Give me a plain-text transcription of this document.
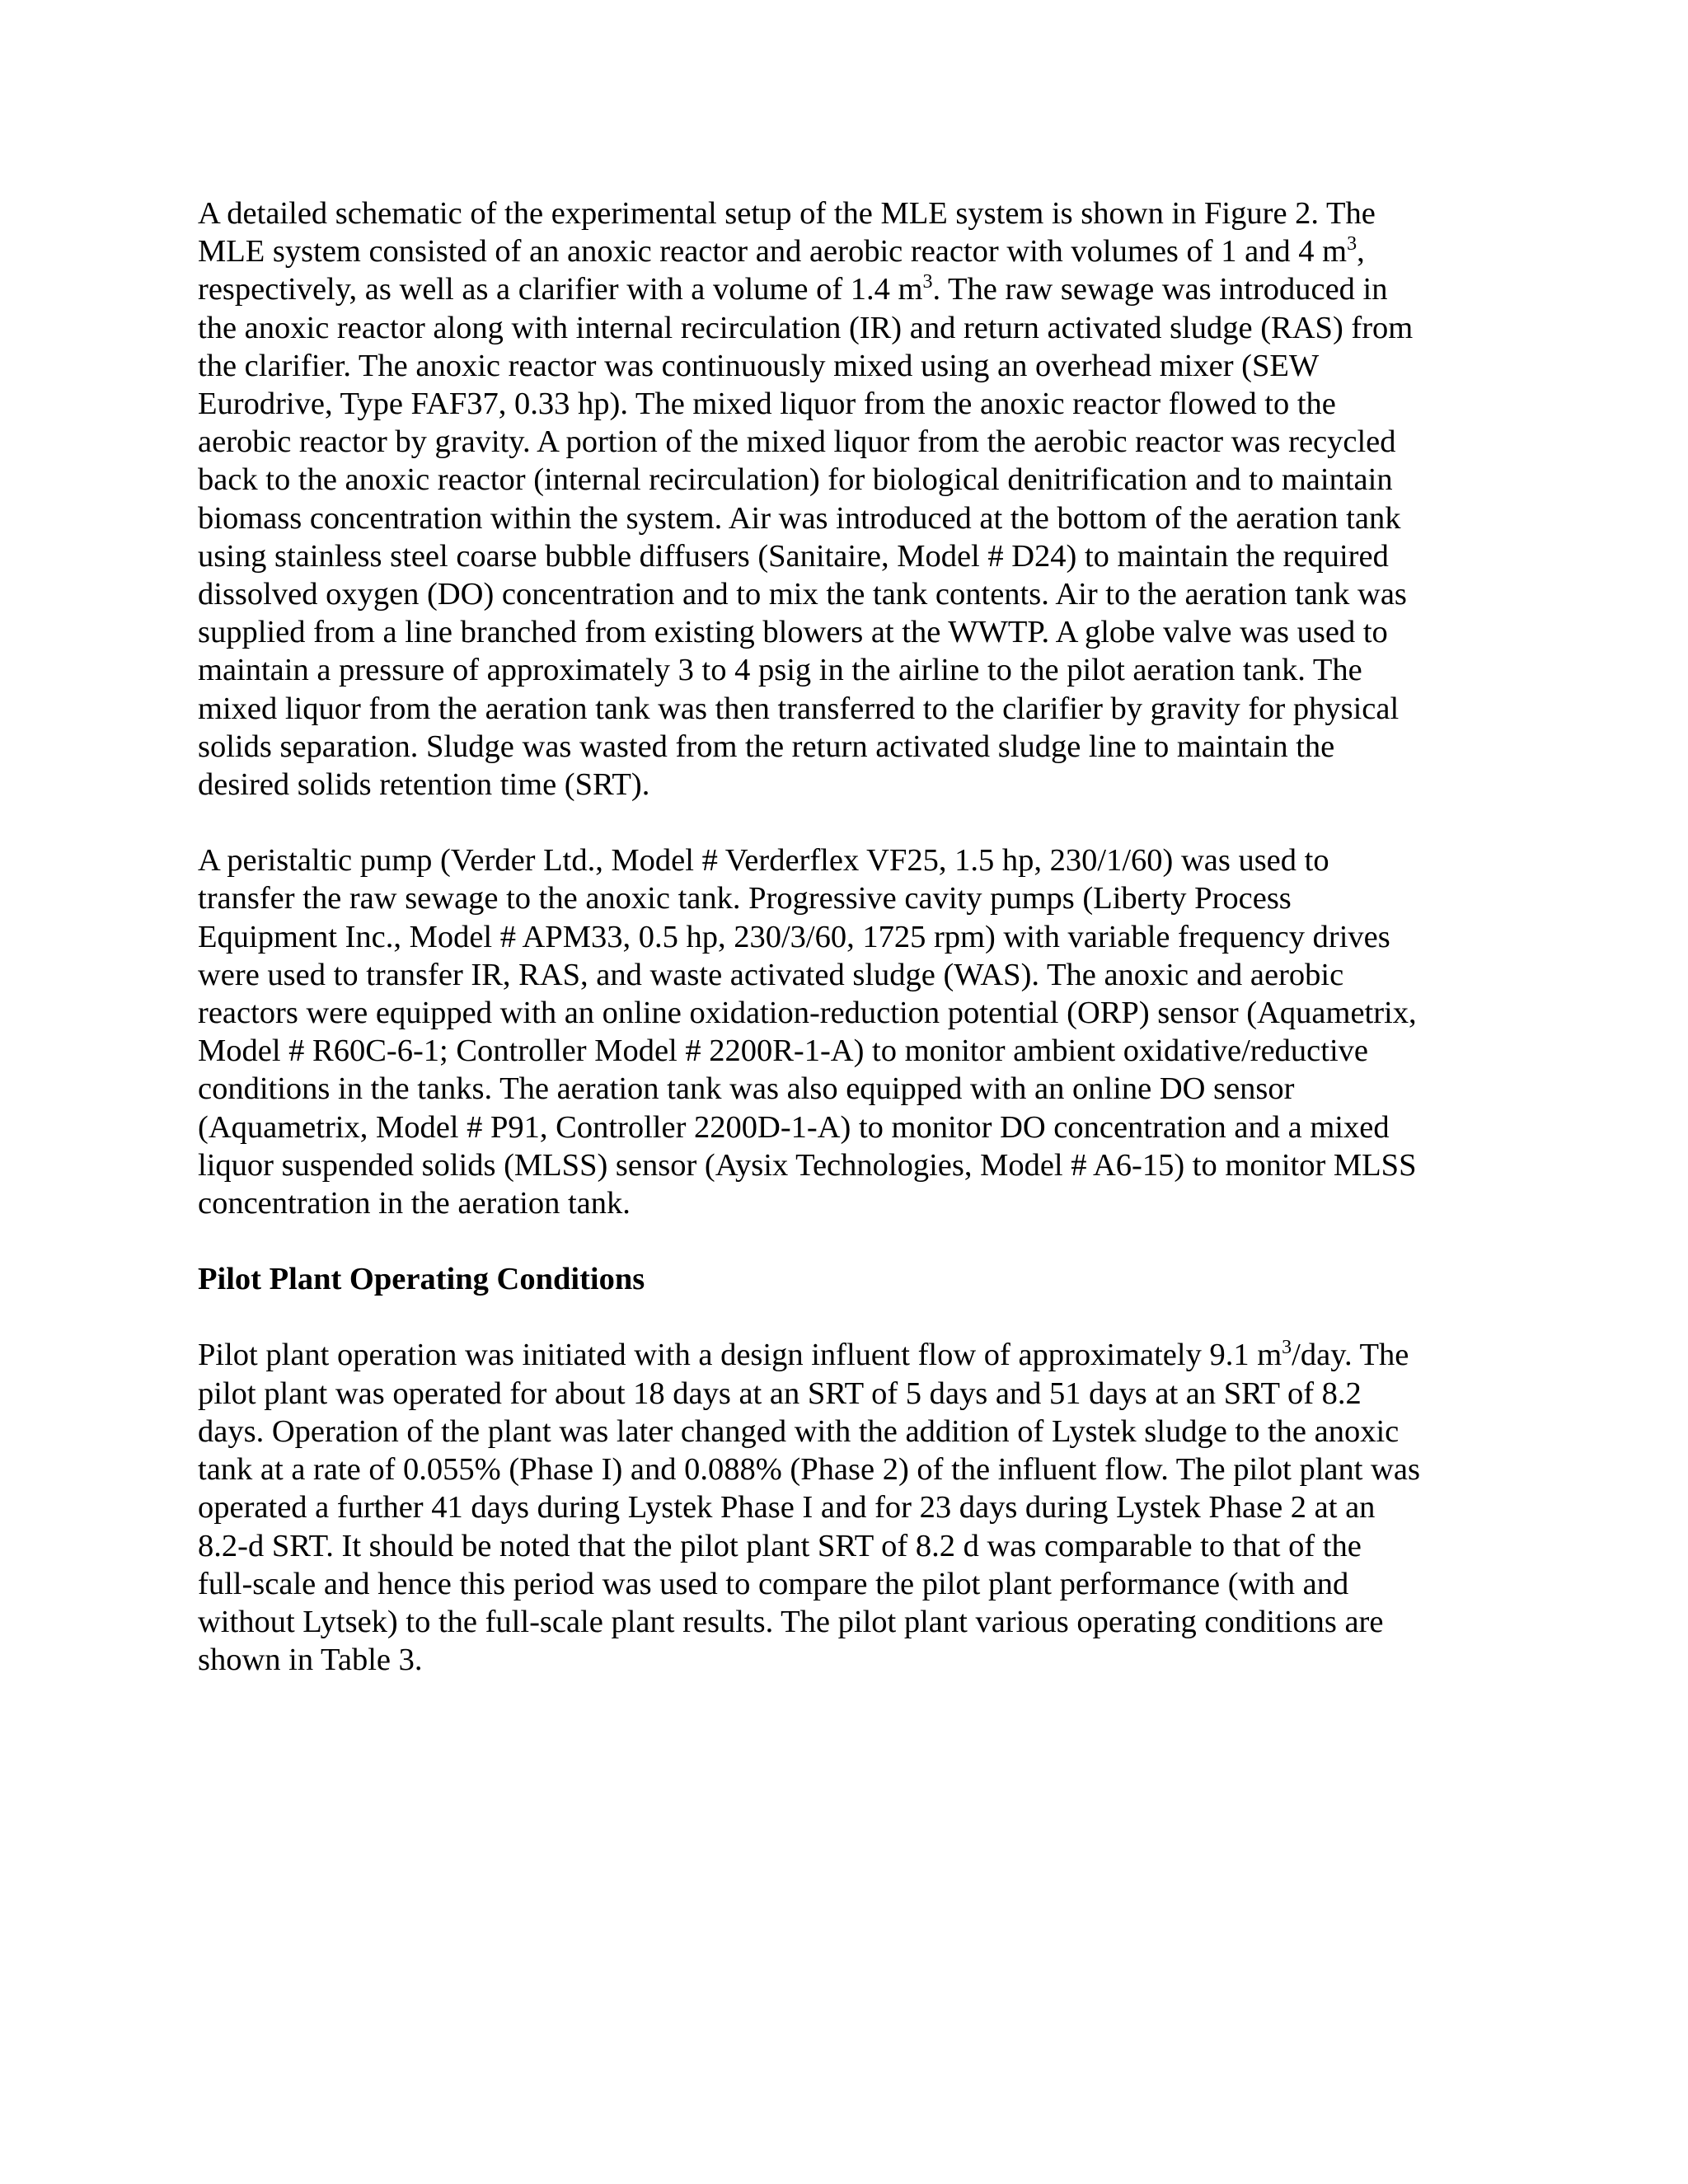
A detailed schematic of the experimental setup of the MLE system is shown in Figure 2. The
MLE system consisted of an anoxic reactor and aerobic reactor with volumes of 1 and 4 $m^3$,
respectively, as well as a clarifier with a volume of 1.4 $m^3$. The raw sewage was introduced in
the anoxic reactor along with internal recirculation (IR) and return activated sludge (RAS) from
the clarifier. The anoxic reactor was continuously mixed using an overhead mixer (SEW
Eurodrive, Type FAF37, 0.33 hp). The mixed liquor from the anoxic reactor flowed to the
aerobic reactor by gravity. A portion of the mixed liquor from the aerobic reactor was recycled
back to the anoxic reactor (internal recirculation) for biological denitrification and to maintain
biomass concentration within the system. Air was introduced at the bottom of the aeration tank
using stainless steel coarse bubble diffusers (Sanitaire, Model # D24) to maintain the required
dissolved oxygen (DO) concentration and to mix the tank contents. Air to the aeration tank was
supplied from a line branched from existing blowers at the WWTP. A globe valve was used to
maintain a pressure of approximately 3 to 4 psig in the airline to the pilot aeration tank. The
mixed liquor from the aeration tank was then transferred to the clarifier by gravity for physical
solids separation. Sludge was wasted from the return activated sludge line to maintain the
desired solids retention time (SRT).

A peristaltic pump (Verder Ltd., Model # Verderflex VF25, 1.5 hp, 230/1/60) was used to
transfer the raw sewage to the anoxic tank. Progressive cavity pumps (Liberty Process
Equipment Inc., Model # APM33, 0.5 hp, 230/3/60, 1725 rpm) with variable frequency drives
were used to transfer IR, RAS, and waste activated sludge (WAS). The anoxic and aerobic
reactors were equipped with an online oxidation-reduction potential (ORP) sensor (Aquametrix,
Model # R60C-6-1; Controller Model # 2200R-1-A) to monitor ambient oxidative/reductive
conditions in the tanks. The aeration tank was also equipped with an online DO sensor
(Aquametrix, Model # P91, Controller 2200D-1-A) to monitor DO concentration and a mixed
liquor suspended solids (MLSS) sensor (Aysix Technologies, Model # A6-15) to monitor MLSS
concentration in the aeration tank.

Pilot Plant Operating Conditions

Pilot plant operation was initiated with a design influent flow of approximately 9.1 $m^3$/day. The
pilot plant was operated for about 18 days at an SRT of 5 days and 51 days at an SRT of 8.2
days. Operation of the plant was later changed with the addition of Lystek sludge to the anoxic
tank at a rate of 0.055% (Phase I) and 0.088% (Phase 2) of the influent flow. The pilot plant was
operated a further 41 days during Lystek Phase I and for 23 days during Lystek Phase 2 at an
8.2-d SRT. It should be noted that the pilot plant SRT of 8.2 d was comparable to that of the
full-scale and hence this period was used to compare the pilot plant performance (with and
without Lytsek) to the full-scale plant results. The pilot plant various operating conditions are
shown in Table 3.
